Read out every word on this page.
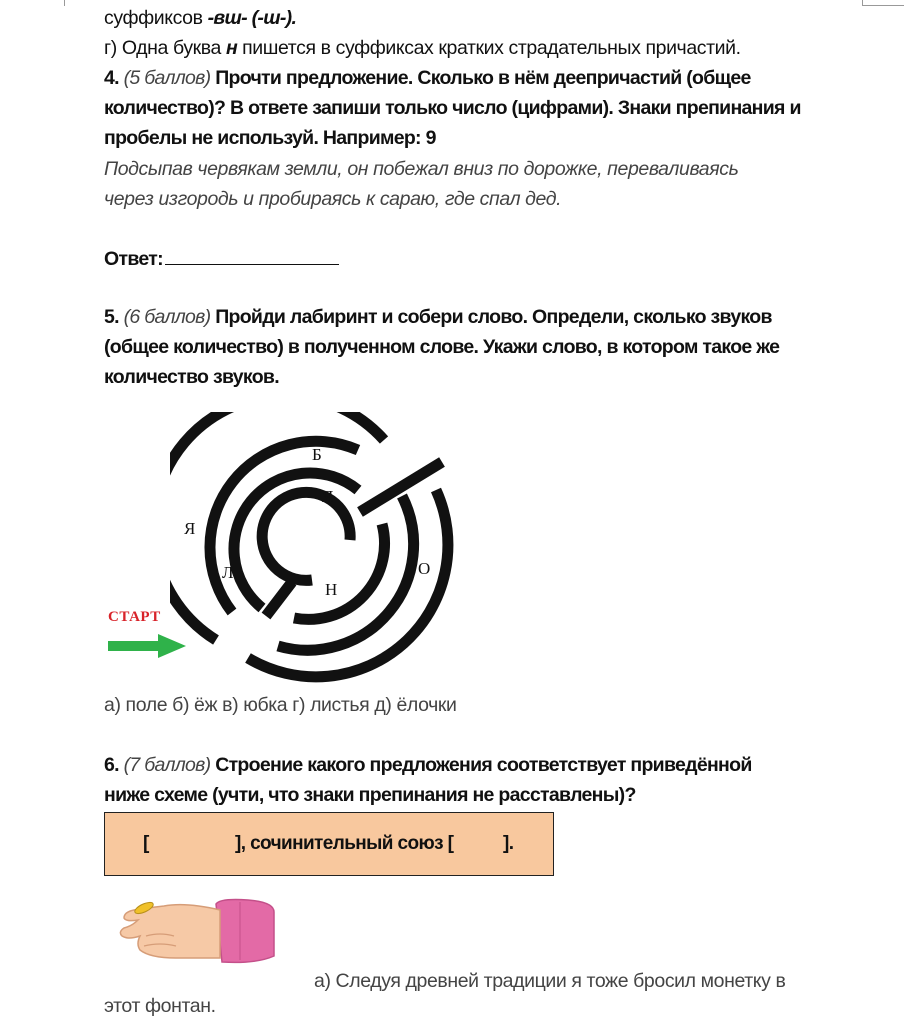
суффиксов -вш- (-ш-).
г) Одна буква н пишется в суффиксах кратких страдательных причастий.
4. (5 баллов) Прочти предложение. Сколько в нём деепричастий (общее
количество)? В ответе запиши только число (цифрами). Знаки препинания и
пробелы не используй. Например: 9
Подсыпав червякам земли, он побежал вниз по дорожке, переваливаясь
через изгородь и пробираясь к сараю, где спал дед.
Ответ:
5. (6 баллов) Пройди лабиринт и собери слово. Определи, сколько звуков
(общее количество) в полученном слове. Укажи слово, в котором такое же
количество звуков.
Б
Я
Я
Л	О
Н
СТАРТ
а) поле б) ёж в) юбка г) листья д) ёлочки
6. (7 баллов) Строение какого предложения соответствует приведённой
ниже схеме (учти, что знаки препинания не расставлены)?
[	], сочинительный союз [	].
а) Следуя древней традиции я тоже бросил монетку в
этот фонтан.
